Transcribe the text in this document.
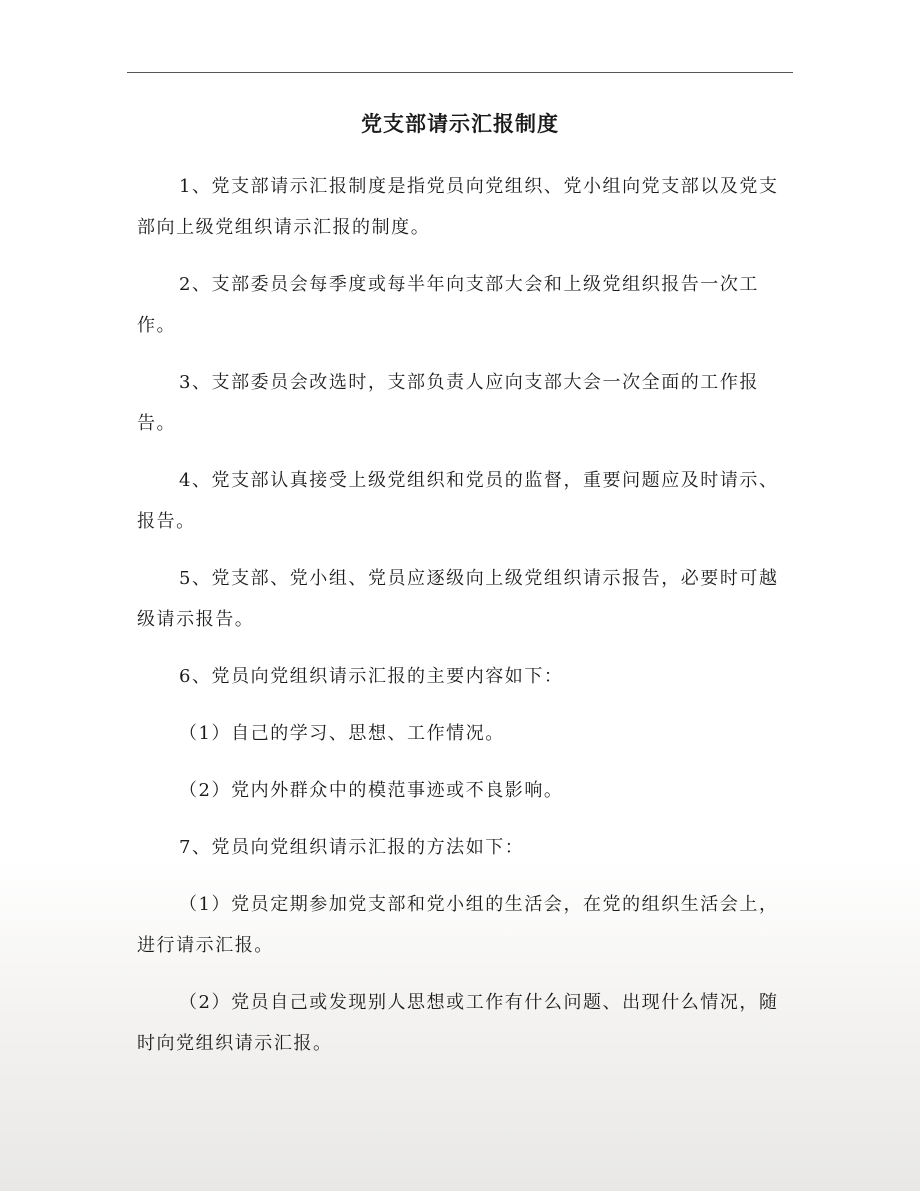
党支部请示汇报制度

1、党支部请示汇报制度是指党员向党组织、党小组向党支部以及党支部向上级党组织请示汇报的制度。

2、支部委员会每季度或每半年向支部大会和上级党组织报告一次工作。

3、支部委员会改选时，支部负责人应向支部大会一次全面的工作报告。

4、党支部认真接受上级党组织和党员的监督，重要问题应及时请示、报告。

5、党支部、党小组、党员应逐级向上级党组织请示报告，必要时可越级请示报告。

6、党员向党组织请示汇报的主要内容如下：

（1）自己的学习、思想、工作情况。

（2）党内外群众中的模范事迹或不良影响。

7、党员向党组织请示汇报的方法如下：

（1）党员定期参加党支部和党小组的生活会，在党的组织生活会上，进行请示汇报。

（2）党员自己或发现别人思想或工作有什么问题、出现什么情况，随时向党组织请示汇报。
